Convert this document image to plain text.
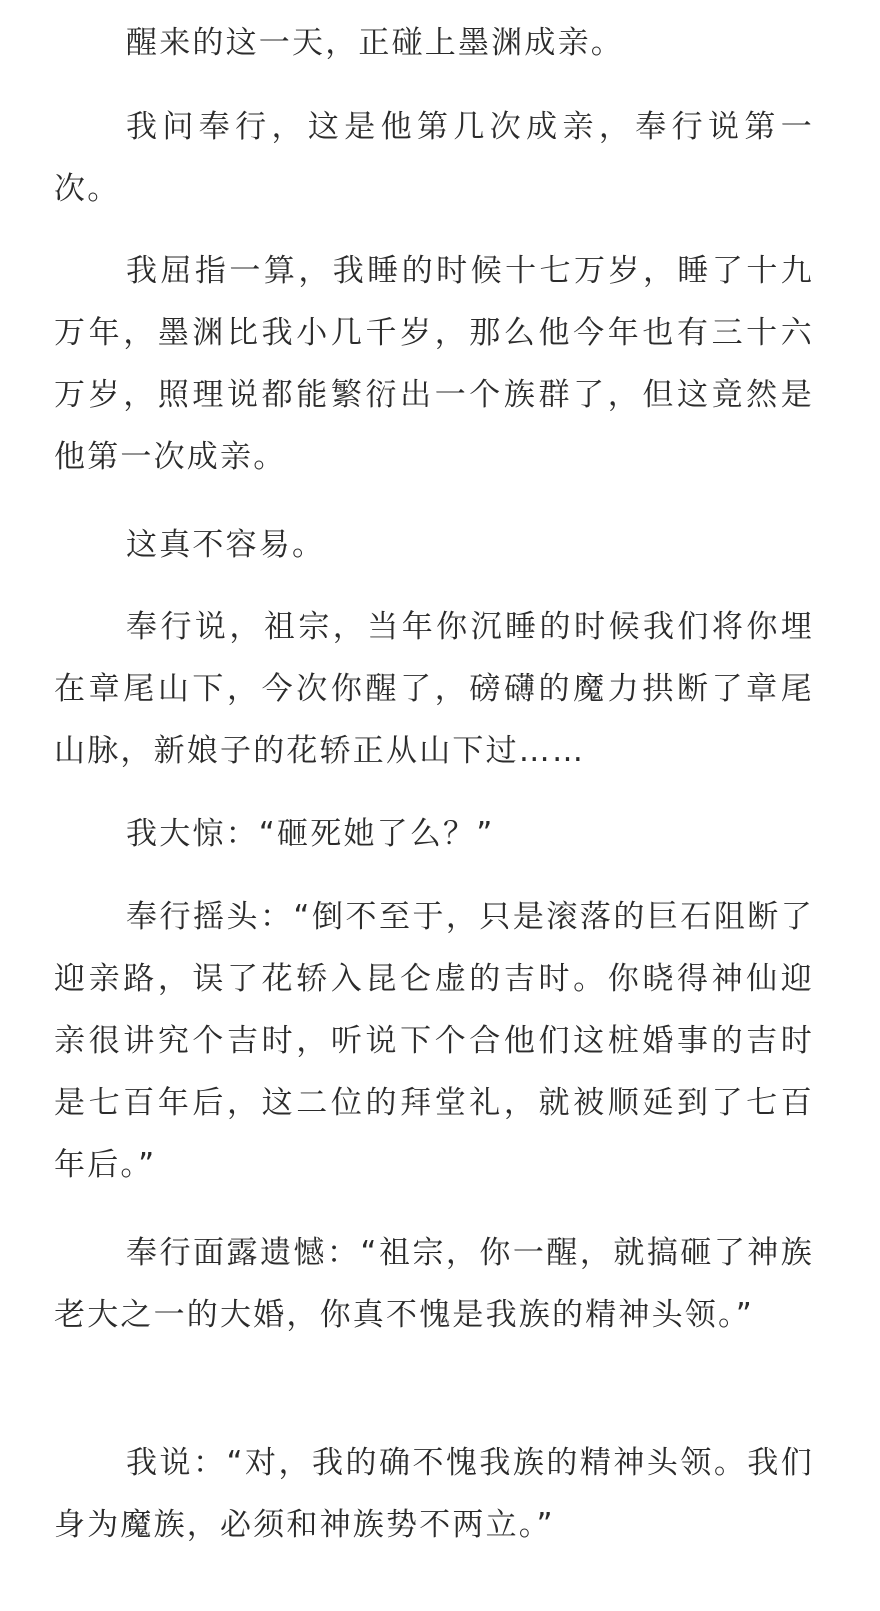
醒来的这一天，正碰上墨渊成亲。

我问奉行，这是他第几次成亲，奉行说第一次。

我屈指一算，我睡的时候十七万岁，睡了十九万年，墨渊比我小几千岁，那么他今年也有三十六万岁，照理说都能繁衍出一个族群了，但这竟然是他第一次成亲。

这真不容易。

奉行说，祖宗，当年你沉睡的时候我们将你埋在章尾山下，今次你醒了，磅礴的魔力拱断了章尾山脉，新娘子的花轿正从山下过……

我大惊：“砸死她了么？”

奉行摇头：“倒不至于，只是滚落的巨石阻断了迎亲路，误了花轿入昆仑虚的吉时。你晓得神仙迎亲很讲究个吉时，听说下个合他们这桩婚事的吉时是七百年后，这二位的拜堂礼，就被顺延到了七百年后。”

奉行面露遗憾：“祖宗，你一醒，就搞砸了神族老大之一的大婚，你真不愧是我族的精神头领。”

我说：“对，我的确不愧我族的精神头领。我们身为魔族，必须和神族势不两立。”
